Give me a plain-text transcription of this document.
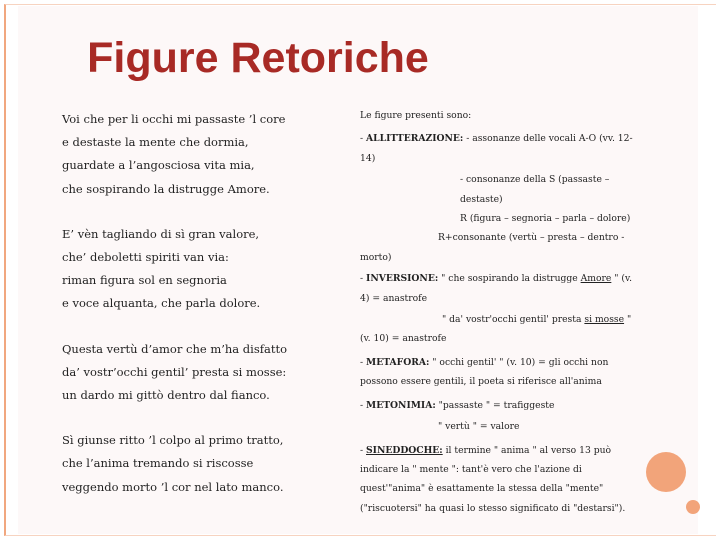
Figure Retoriche

Voi che per li occhi mi passaste ’l core

e destaste la mente che dormia,

guardate a l’angosciosa vita mia,

che sospirando la distrugge Amore.

E’ vèn tagliando di sì gran valore,

che’ deboletti spiriti van via:

riman figura sol en segnoria

e voce alquanta, che parla dolore.

Questa vertù d’amor che m’ha disfatto

da’ vostr’occhi gentil’ presta si mosse:

un dardo mi gittò dentro dal fianco.

Sì giunse ritto ’l colpo al primo tratto,

che l’anima tremando si riscosse

veggendo morto ’l cor nel lato manco.

Le figure presenti sono:

- ALLITTERAZIONE: - assonanze delle vocali A-O (vv. 12-14)

- consonanze della S (passaste – destaste)

R (figura – segnoria – parla – dolore)

R+consonante (vertù – presta – dentro - morto)

- INVERSIONE: " che sospirando la distrugge Amore " (v. 4) = anastrofe

" da' vostr'occhi gentil' presta si mosse " (v. 10) = anastrofe

- METAFORA: " occhi gentil' " (v. 10) = gli occhi non possono essere gentili, il poeta si riferisce all'anima

- METONIMIA: "passaste " = trafiggeste

" vertù " = valore

- SINEDDOCHE: il termine " anima " al verso 13 può indicare la " mente ": tant'è vero che l'azione di quest'"anima" è esattamente la stessa della "mente" ("riscuotersi" ha quasi lo stesso significato di "destarsi").
